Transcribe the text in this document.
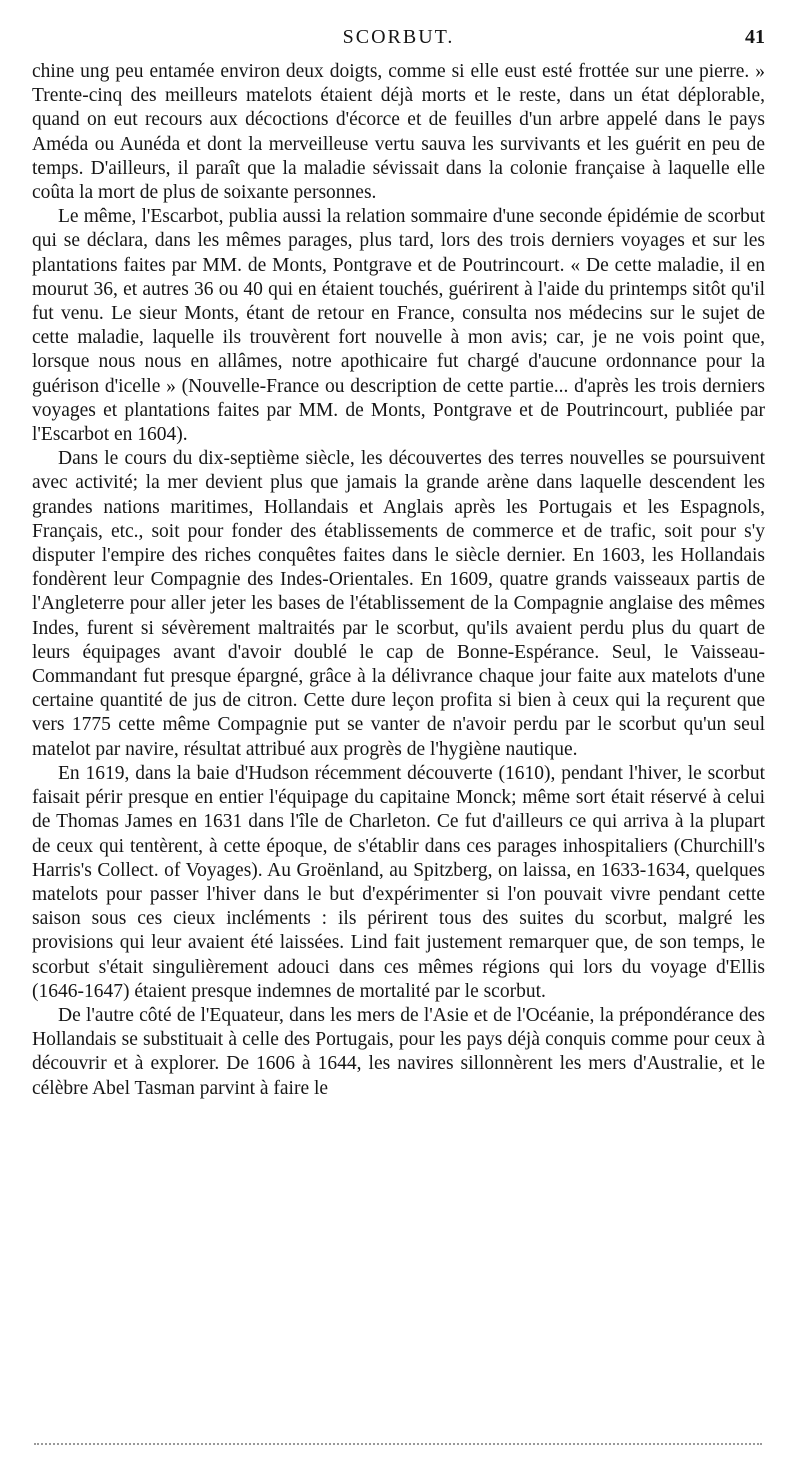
SCORBUT.	41

chine ung peu entamée environ deux doigts, comme si elle eust esté frottée sur une pierre. » Trente-cinq des meilleurs matelots étaient déjà morts et le reste, dans un état déplorable, quand on eut recours aux décoctions d'écorce et de feuilles d'un arbre appelé dans le pays Améda ou Aunéda et dont la merveilleuse vertu sauva les survivants et les guérit en peu de temps. D'ailleurs, il paraît que la maladie sévissait dans la colonie française à laquelle elle coûta la mort de plus de soixante personnes.

Le même, l'Escarbot, publia aussi la relation sommaire d'une seconde épidémie de scorbut qui se déclara, dans les mêmes parages, plus tard, lors des trois derniers voyages et sur les plantations faites par MM. de Monts, Pontgrave et de Poutrincourt. « De cette maladie, il en mourut 36, et autres 36 ou 40 qui en étaient touchés, guérirent à l'aide du printemps sitôt qu'il fut venu. Le sieur Monts, étant de retour en France, consulta nos médecins sur le sujet de cette maladie, laquelle ils trouvèrent fort nouvelle à mon avis; car, je ne vois point que, lorsque nous nous en allâmes, notre apothicaire fut chargé d'aucune ordonnance pour la guérison d'icelle » (Nouvelle-France ou description de cette partie... d'après les trois derniers voyages et plantations faites par MM. de Monts, Pontgrave et de Poutrincourt, publiée par l'Escarbot en 1604).

Dans le cours du dix-septième siècle, les découvertes des terres nouvelles se poursuivent avec activité; la mer devient plus que jamais la grande arène dans laquelle descendent les grandes nations maritimes, Hollandais et Anglais après les Portugais et les Espagnols, Français, etc., soit pour fonder des établissements de commerce et de trafic, soit pour s'y disputer l'empire des riches conquêtes faites dans le siècle dernier. En 1603, les Hollandais fondèrent leur Compagnie des Indes-Orientales. En 1609, quatre grands vaisseaux partis de l'Angleterre pour aller jeter les bases de l'établissement de la Compagnie anglaise des mêmes Indes, furent si sévèrement maltraités par le scorbut, qu'ils avaient perdu plus du quart de leurs équipages avant d'avoir doublé le cap de Bonne-Espérance. Seul, le Vaisseau-Commandant fut presque épargné, grâce à la délivrance chaque jour faite aux matelots d'une certaine quantité de jus de citron. Cette dure leçon profita si bien à ceux qui la reçurent que vers 1775 cette même Compagnie put se vanter de n'avoir perdu par le scorbut qu'un seul matelot par navire, résultat attribué aux progrès de l'hygiène nautique.

En 1619, dans la baie d'Hudson récemment découverte (1610), pendant l'hiver, le scorbut faisait périr presque en entier l'équipage du capitaine Monck; même sort était réservé à celui de Thomas James en 1631 dans l'île de Charleton. Ce fut d'ailleurs ce qui arriva à la plupart de ceux qui tentèrent, à cette époque, de s'établir dans ces parages inhospitaliers (Churchill's Harris's Collect. of Voyages). Au Groënland, au Spitzberg, on laissa, en 1633-1634, quelques matelots pour passer l'hiver dans le but d'expérimenter si l'on pouvait vivre pendant cette saison sous ces cieux incléments : ils périrent tous des suites du scorbut, malgré les provisions qui leur avaient été laissées. Lind fait justement remarquer que, de son temps, le scorbut s'était singulièrement adouci dans ces mêmes régions qui lors du voyage d'Ellis (1646-1647) étaient presque indemnes de mortalité par le scorbut.

De l'autre côté de l'Equateur, dans les mers de l'Asie et de l'Océanie, la prépondérance des Hollandais se substituait à celle des Portugais, pour les pays déjà conquis comme pour ceux à découvrir et à explorer. De 1606 à 1644, les navires sillonnèrent les mers d'Australie, et le célèbre Abel Tasman parvint à faire le
